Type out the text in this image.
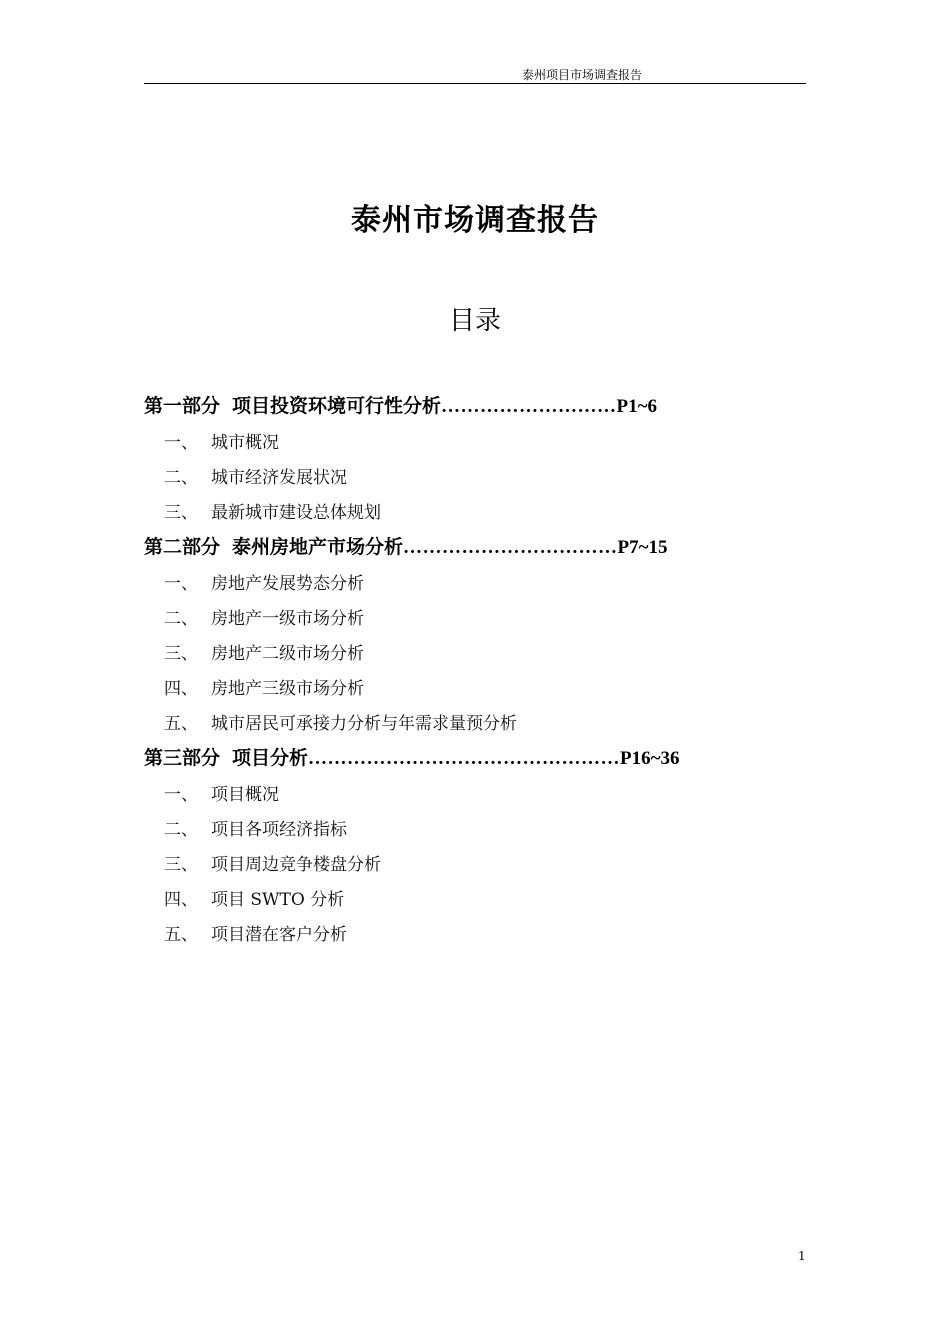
泰州项目市场调查报告
泰州市场调查报告
目录
第一部分 项目投资环境可行性分析………………………P1~6
一、 城市概况
二、 城市经济发展状况
三、 最新城市建设总体规划
第二部分 泰州房地产市场分析……………………………P7~15
一、 房地产发展势态分析
二、 房地产一级市场分析
三、 房地产二级市场分析
四、 房地产三级市场分析
五、 城市居民可承接力分析与年需求量预分析
第三部分 项目分析…………………………………………P16~36
一、 项目概况
二、 项目各项经济指标
三、 项目周边竞争楼盘分析
四、 项目 SWTO 分析
五、 项目潜在客户分析
1
